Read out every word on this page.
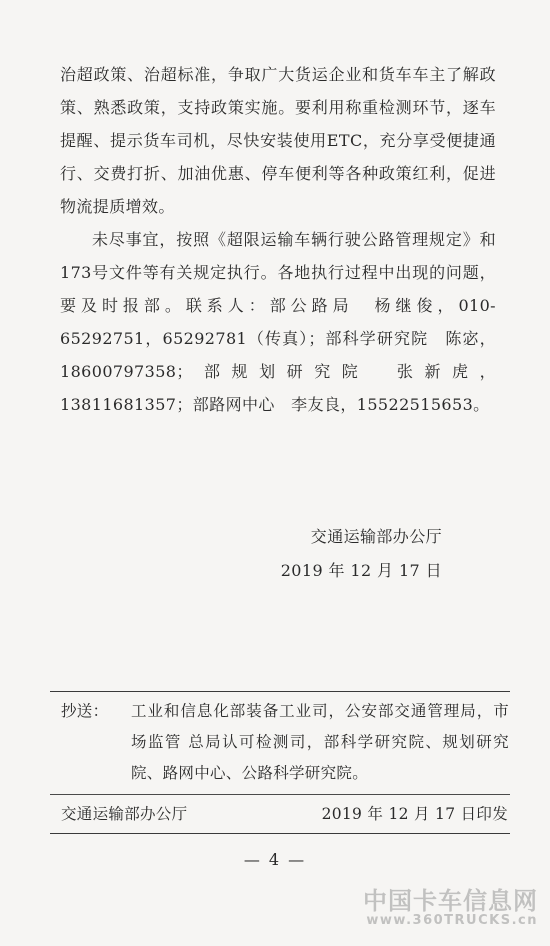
治超政策、治超标准，争取广大货运企业和货车车主了解政策、熟悉政策，支持政策实施。要利用称重检测环节，逐车提醒、提示货车司机，尽快安装使用ETC，充分享受便捷通行、交费打折、加油优惠、停车便利等各种政策红利，促进物流提质增效。

未尽事宜，按照《超限运输车辆行驶公路管理规定》和173号文件等有关规定执行。各地执行过程中出现的问题，要及时报部。联系人：部公路局　杨继俊，010-65292751，65292781（传真）；部科学研究院　陈宓，18600797358；部规划研究院　张新虎，13811681357；部路网中心　李友良，15522515653。

交通运输部办公厅
2019 年 12 月 17 日
抄送： 工业和信息化部装备工业司，公安部交通管理局，市场监管 总局认可检测司，部科学研究院、规划研究院、路网中心、公路科学研究院。
交通运输部办公厅	2019 年 12 月 17 日印发
— 4 —
中国卡车信息网
www.360TRUCKS.cn
